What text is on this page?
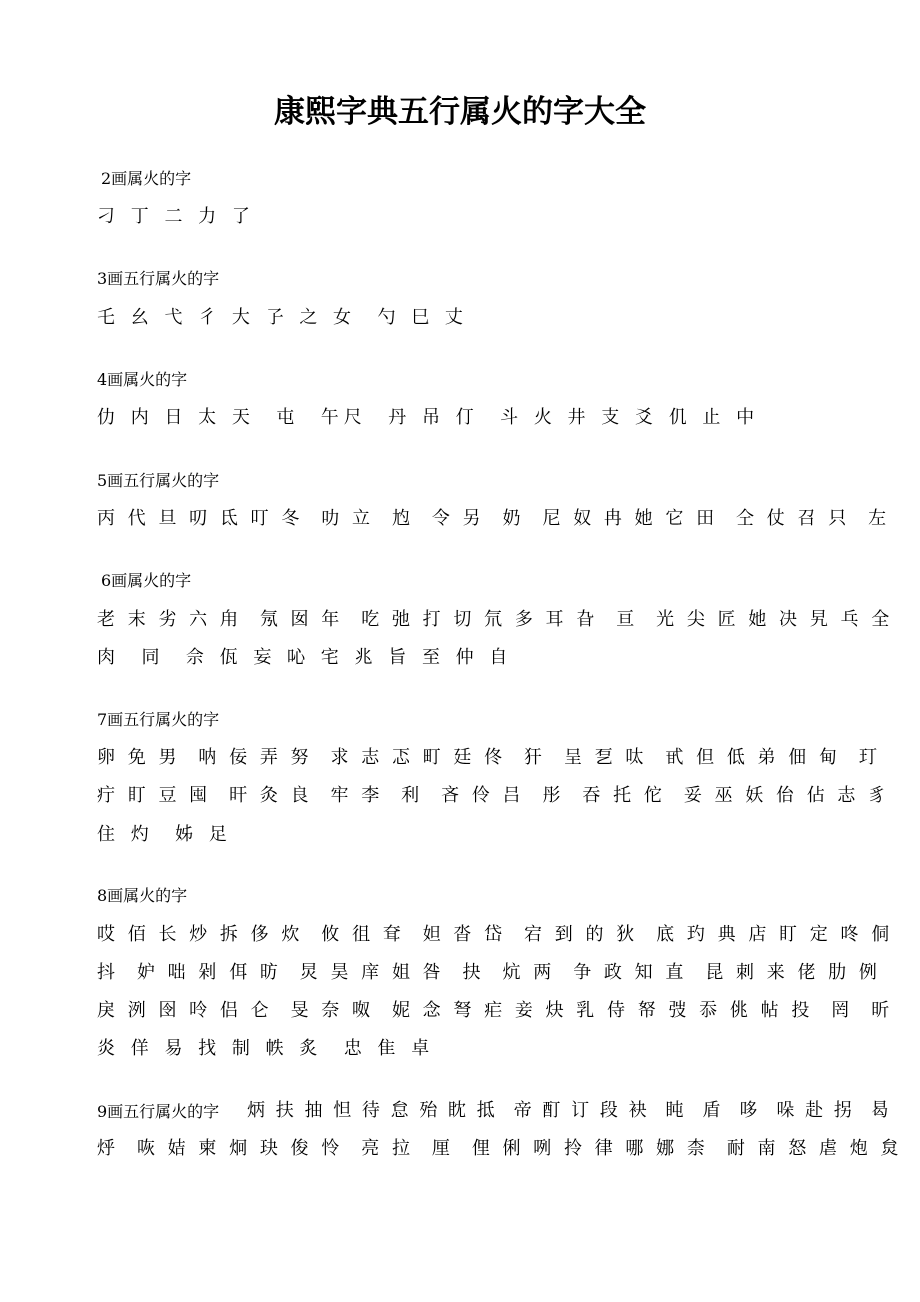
康熙字典五行属火的字大全
2画属火的字
刁 丁 二 力 了
3画五行属火的字
乇 幺 弋 彳 大 孒 之 女  勺 巳 丈
4画属火的字
仂 内 日 太 天  屯  午尺  丹 吊 仃  斗 火 井 支 爻 仉 止 中
5画五行属火的字
丙 代 旦 叨 氐 叮 冬  叻 立  尥  令 另  奶  尼 奴 冉 她 它 田  仝 仗 召 只  左
6画属火的字
老 末 劣 六 甪  氖 囡 年  吃 弛 打 切 氘 多 耳 旮  亘  光 尖 匠 她 决 旯 乓 全
肉  同  佘 佤 妄 吣 宅 兆 旨 至 仲 自
7画五行属火的字
卵 免 男  呐 佞 弄 努  求 志 忑 町 廷 佟  犴  呈 乭 呔  甙 但 低 弟 佃 甸  玎
疔 盯 豆 囤  旰 灸 良  牢 李  利  吝 伶 吕  彤  吞 托 佗  妥 巫 妖 佁 佔 志 豸
住 灼  姊 足
8画属火的字
哎 佰 长 炒 拆 侈 炊  攸 徂 耷  妲 沓 岱  宕 到 的 狄  底 玓 典 店 盯 定 咚 侗
抖  妒 咄 剁 佴 昉  炅 昊 庠 姐 咎  抉  炕 两  争 政 知 直  昆 刺 来 佬 肋 例
戾 洌 囹 呤 侣 仑  旻 奈 呶  妮 念 弩 疟 妾 炔 乳 侍 帑 弢 忝 佻 帖 投  罔  昕
炎 佯 易 找 制 帙 炙  忠 隹 卓
9画五行属火的字 炳 扶 抽 怛 待 怠 殆 眈 抵  帝 酊 订 段 袂  盹  盾  哆  哚 赴 拐  曷
烀  咴 姞 柬 炯 玦 俊 怜  亮 拉  厘  俚 俐 咧 拎 律 哪 娜 柰  耐 南 怒 虐 炮 炱
